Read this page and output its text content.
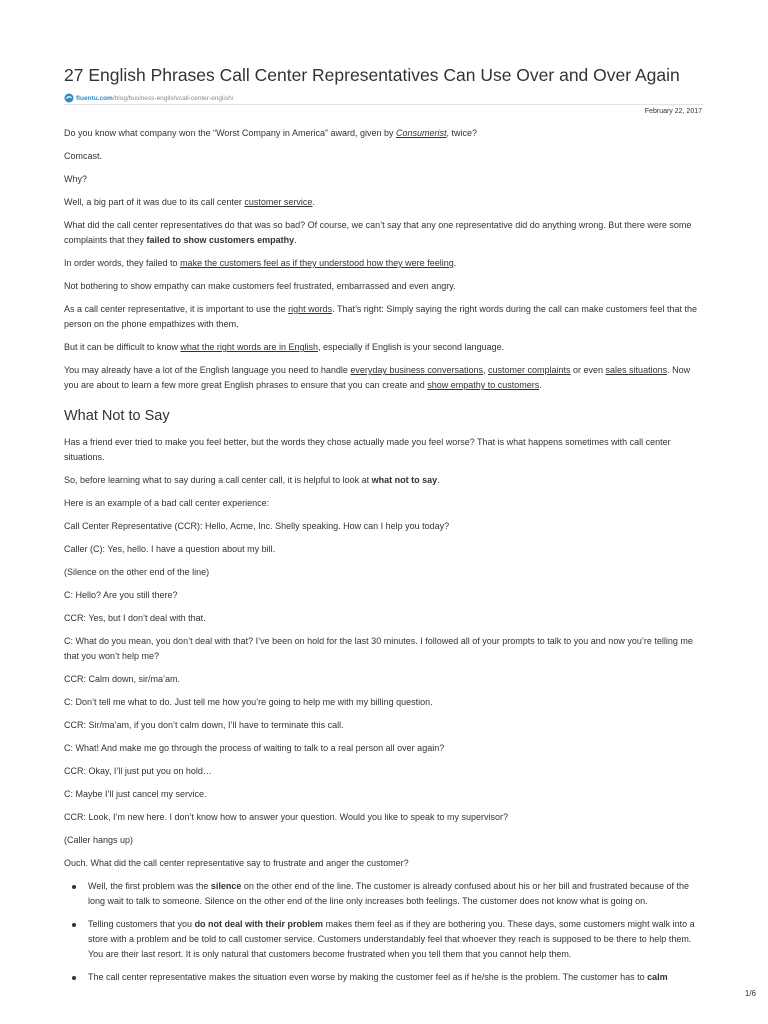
27 English Phrases Call Center Representatives Can Use Over and Over Again
fluentu.com /blog/business-english/call-center-english/
February 22, 2017

Do you know what company won the “Worst Company in America” award, given by Consumerist, twice?

Comcast.

Why?

Well, a big part of it was due to its call center customer service.

What did the call center representatives do that was so bad? Of course, we can’t say that any one representative did do anything wrong. But there were some complaints that they failed to show customers empathy.

In order words, they failed to make the customers feel as if they understood how they were feeling.

Not bothering to show empathy can make customers feel frustrated, embarrassed and even angry.

As a call center representative, it is important to use the right words. That’s right: Simply saying the right words during the call can make customers feel that the person on the phone empathizes with them.

But it can be difficult to know what the right words are in English, especially if English is your second language.

You may already have a lot of the English language you need to handle everyday business conversations, customer complaints or even sales situations. Now you are about to learn a few more great English phrases to ensure that you can create and show empathy to customers.

What Not to Say

Has a friend ever tried to make you feel better, but the words they chose actually made you feel worse? That is what happens sometimes with call center situations.

So, before learning what to say during a call center call, it is helpful to look at what not to say.

Here is an example of a bad call center experience:

Call Center Representative (CCR): Hello, Acme, Inc. Shelly speaking. How can I help you today?

Caller (C): Yes, hello. I have a question about my bill.

(Silence on the other end of the line)

C: Hello? Are you still there?

CCR: Yes, but I don’t deal with that.

C: What do you mean, you don’t deal with that? I’ve been on hold for the last 30 minutes. I followed all of your prompts to talk to you and now you’re telling me that you won’t help me?

CCR: Calm down, sir/ma’am.

C: Don’t tell me what to do. Just tell me how you’re going to help me with my billing question.

CCR: Sir/ma’am, if you don’t calm down, I’ll have to terminate this call.

C: What! And make me go through the process of waiting to talk to a real person all over again?

CCR: Okay, I’ll just put you on hold…

C: Maybe I’ll just cancel my service.

CCR: Look, I’m new here. I don’t know how to answer your question. Would you like to speak to my supervisor?

(Caller hangs up)

Ouch. What did the call center representative say to frustrate and anger the customer?

Well, the first problem was the silence on the other end of the line. The customer is already confused about his or her bill and frustrated because of the long wait to talk to someone. Silence on the other end of the line only increases both feelings. The customer does not know what is going on.
Telling customers that you do not deal with their problem makes them feel as if they are bothering you. These days, some customers might walk into a store with a problem and be told to call customer service. Customers understandably feel that whoever they reach is supposed to be there to help them. You are their last resort. It is only natural that customers become frustrated when you tell them that you cannot help them.
The call center representative makes the situation even worse by making the customer feel as if he/she is the problem. The customer has to calm
1/6
